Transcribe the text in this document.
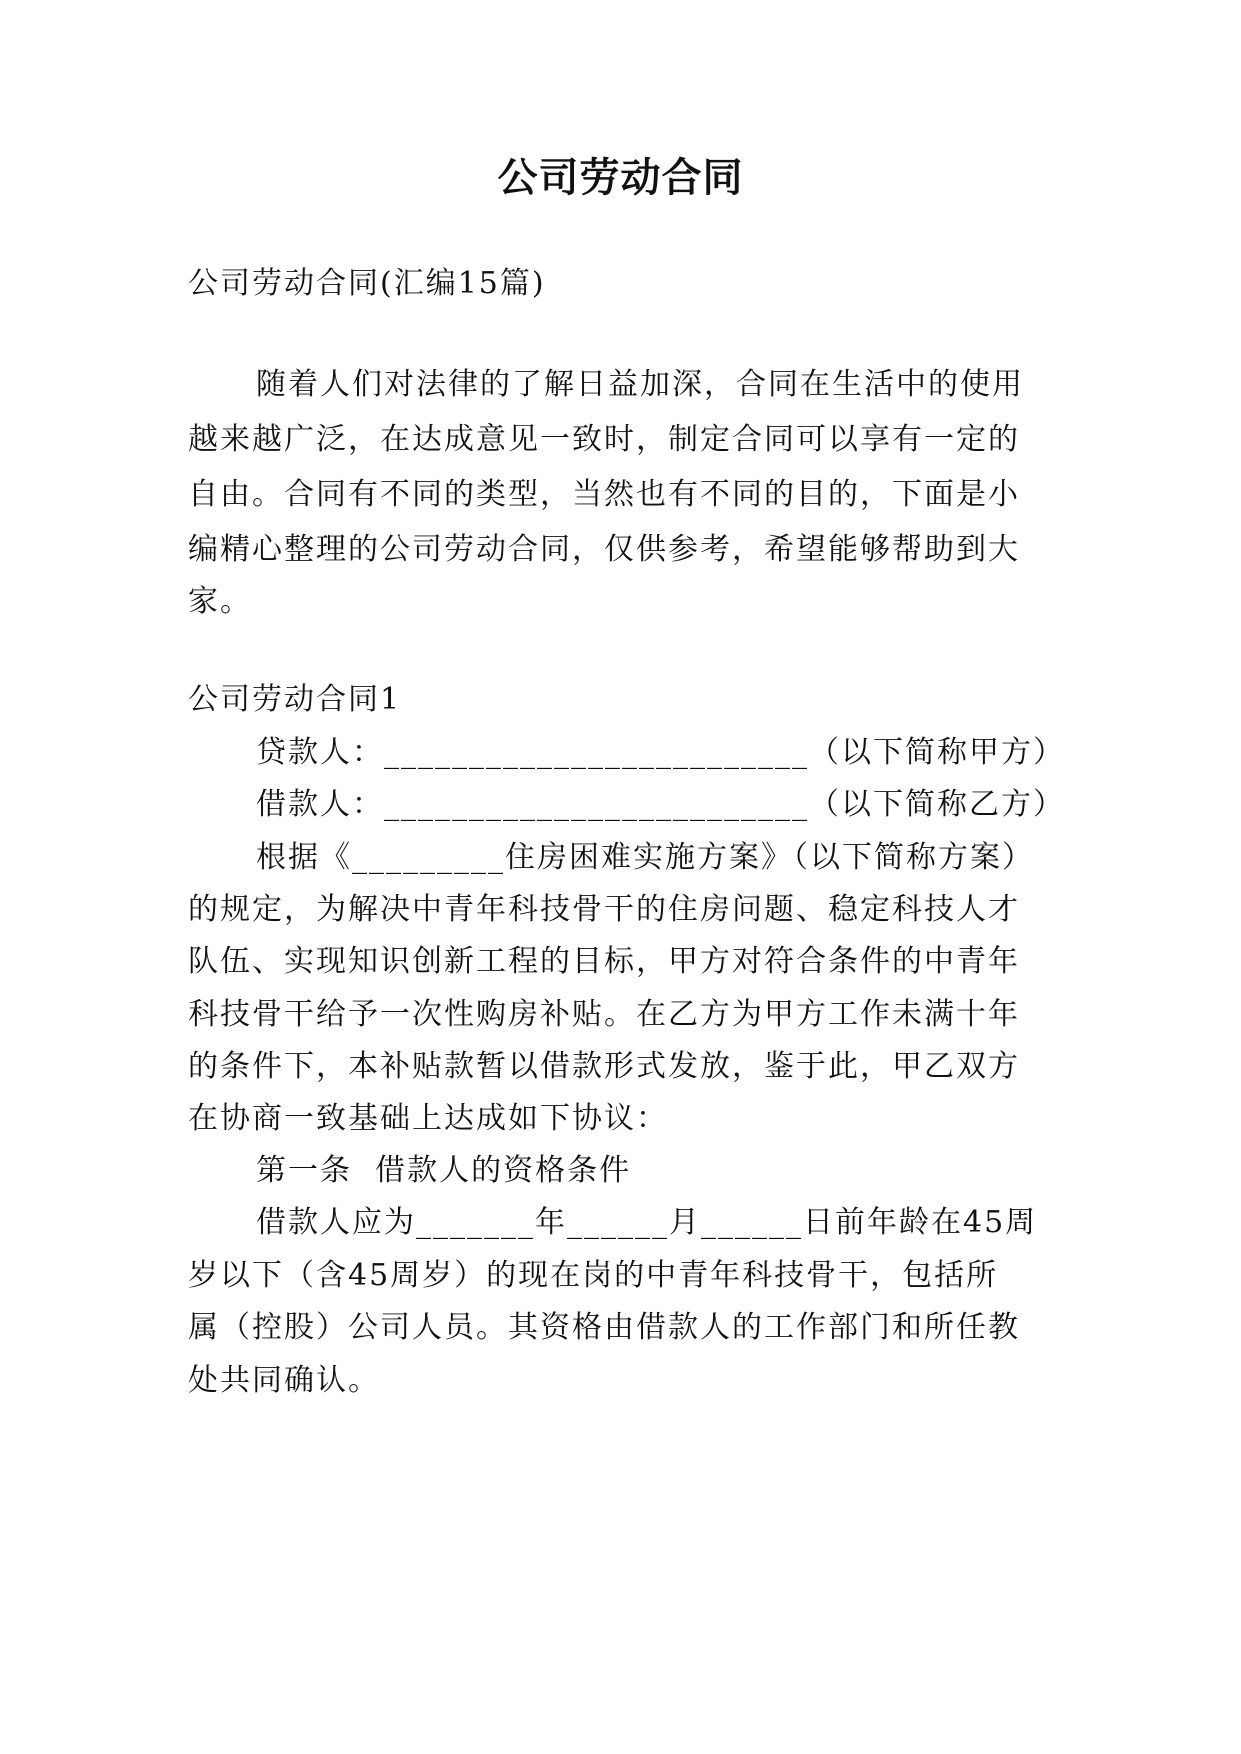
公司劳动合同
公司劳动合同(汇编15篇)
随着人们对法律的了解日益加深，合同在生活中的使用
越来越广泛，在达成意见一致时，制定合同可以享有一定的
自由。合同有不同的类型，当然也有不同的目的，下面是小
编精心整理的公司劳动合同，仅供参考，希望能够帮助到大
家。
公司劳动合同1
贷款人：_________________________（以下简称甲方）
借款人：_________________________（以下简称乙方）
根据《_________住房困难实施方案》（以下简称方案）
的规定，为解决中青年科技骨干的住房问题、稳定科技人才
队伍、实现知识创新工程的目标，甲方对符合条件的中青年
科技骨干给予一次性购房补贴。在乙方为甲方工作未满十年
的条件下，本补贴款暂以借款形式发放，鉴于此，甲乙双方
在协商一致基础上达成如下协议：
第一条  借款人的资格条件
借款人应为_______年______月______日前年龄在45周
岁以下（含45周岁）的现在岗的中青年科技骨干，包括所
属（控股）公司人员。其资格由借款人的工作部门和所任教
处共同确认。
